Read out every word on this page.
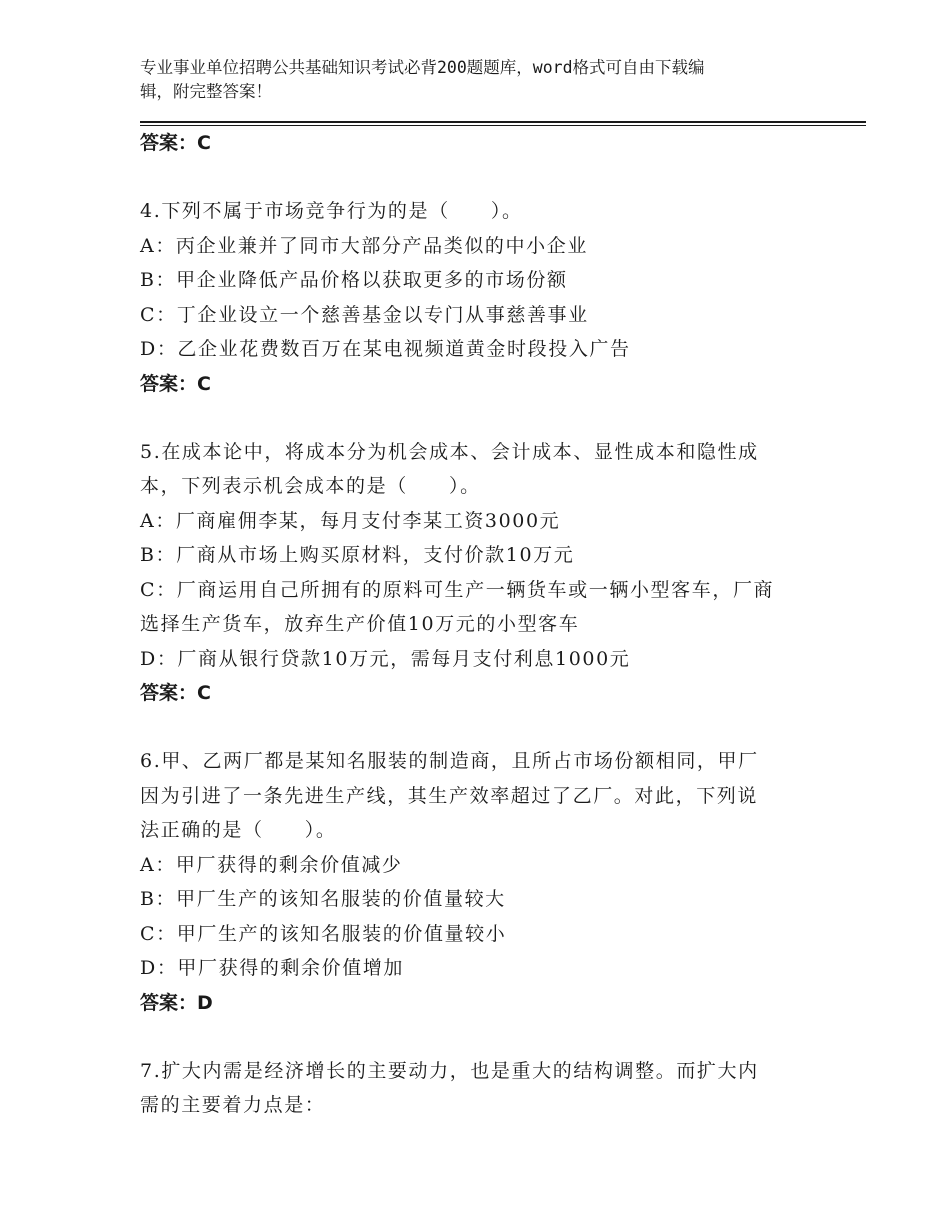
专业事业单位招聘公共基础知识考试必背200题题库，word格式可自由下载编
辑，附完整答案！

答案：C

4.下列不属于市场竞争行为的是（　　）。

A：丙企业兼并了同市大部分产品类似的中小企业

B：甲企业降低产品价格以获取更多的市场份额

C：丁企业设立一个慈善基金以专门从事慈善事业

D：乙企业花费数百万在某电视频道黄金时段投入广告

答案：C

5.在成本论中，将成本分为机会成本、会计成本、显性成本和隐性成

本，下列表示机会成本的是（　　）。

A：厂商雇佣李某，每月支付李某工资3000元

B：厂商从市场上购买原材料，支付价款10万元

C：厂商运用自己所拥有的原料可生产一辆货车或一辆小型客车，厂商

选择生产货车，放弃生产价值10万元的小型客车

D：厂商从银行贷款10万元，需每月支付利息1000元

答案：C

6.甲、乙两厂都是某知名服装的制造商，且所占市场份额相同，甲厂

因为引进了一条先进生产线，其生产效率超过了乙厂。对此，下列说

法正确的是（　　）。

A：甲厂获得的剩余价值减少

B：甲厂生产的该知名服装的价值量较大

C：甲厂生产的该知名服装的价值量较小

D：甲厂获得的剩余价值增加

答案：D

7.扩大内需是经济增长的主要动力，也是重大的结构调整。而扩大内

需的主要着力点是：
